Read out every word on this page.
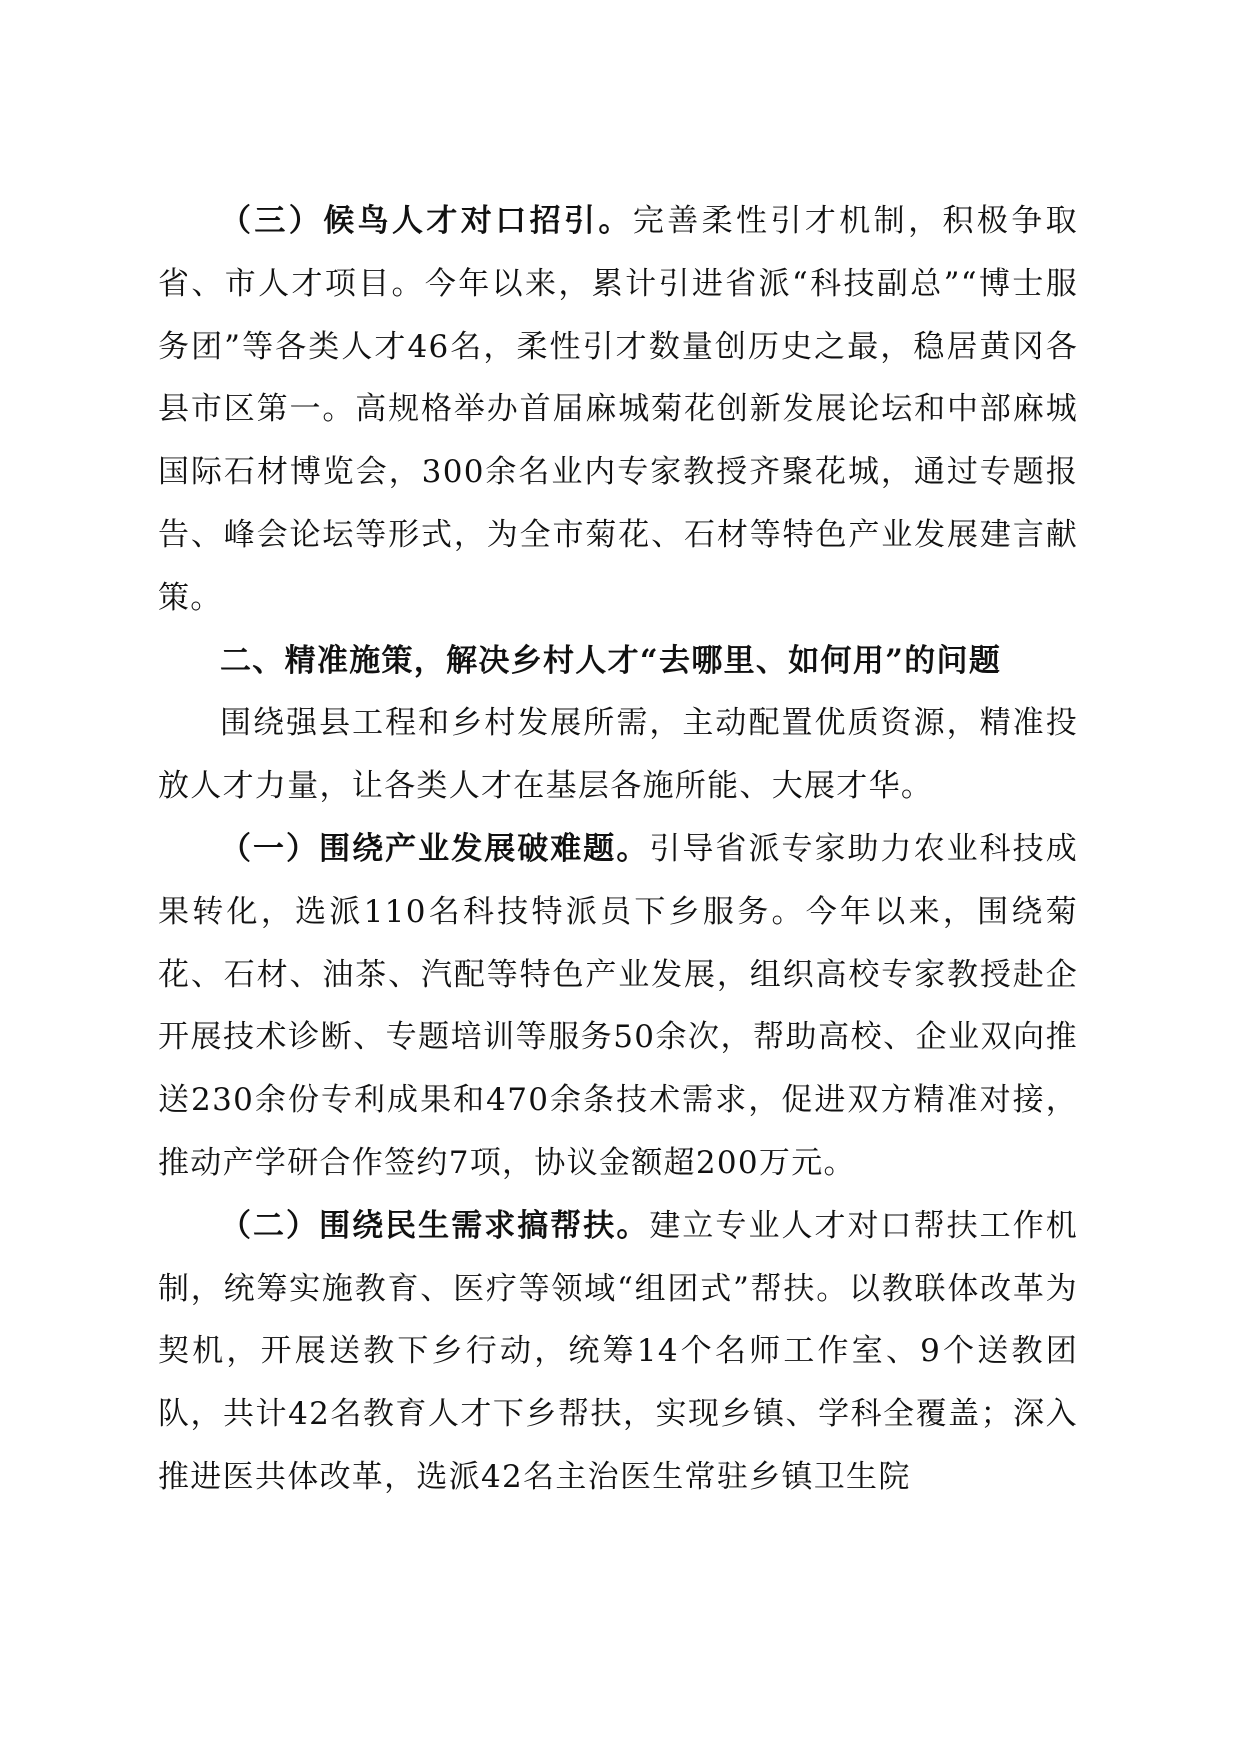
（三）候鸟人才对口招引。完善柔性引才机制，积极争取省、市人才项目。今年以来，累计引进省派“科技副总”“博士服务团”等各类人才46名，柔性引才数量创历史之最，稳居黄冈各县市区第一。高规格举办首届麻城菊花创新发展论坛和中部麻城国际石材博览会，300余名业内专家教授齐聚花城，通过专题报告、峰会论坛等形式，为全市菊花、石材等特色产业发展建言献策。

二、精准施策，解决乡村人才“去哪里、如何用”的问题

围绕强县工程和乡村发展所需，主动配置优质资源，精准投放人才力量，让各类人才在基层各施所能、大展才华。

（一）围绕产业发展破难题。引导省派专家助力农业科技成果转化，选派110名科技特派员下乡服务。今年以来，围绕菊花、石材、油茶、汽配等特色产业发展，组织高校专家教授赴企开展技术诊断、专题培训等服务50余次，帮助高校、企业双向推送230余份专利成果和470余条技术需求，促进双方精准对接，推动产学研合作签约7项，协议金额超200万元。

（二）围绕民生需求搞帮扶。建立专业人才对口帮扶工作机制，统筹实施教育、医疗等领域“组团式”帮扶。以教联体改革为契机，开展送教下乡行动，统筹14个名师工作室、9个送教团队，共计42名教育人才下乡帮扶，实现乡镇、学科全覆盖；深入推进医共体改革，选派42名主治医生常驻乡镇卫生院
